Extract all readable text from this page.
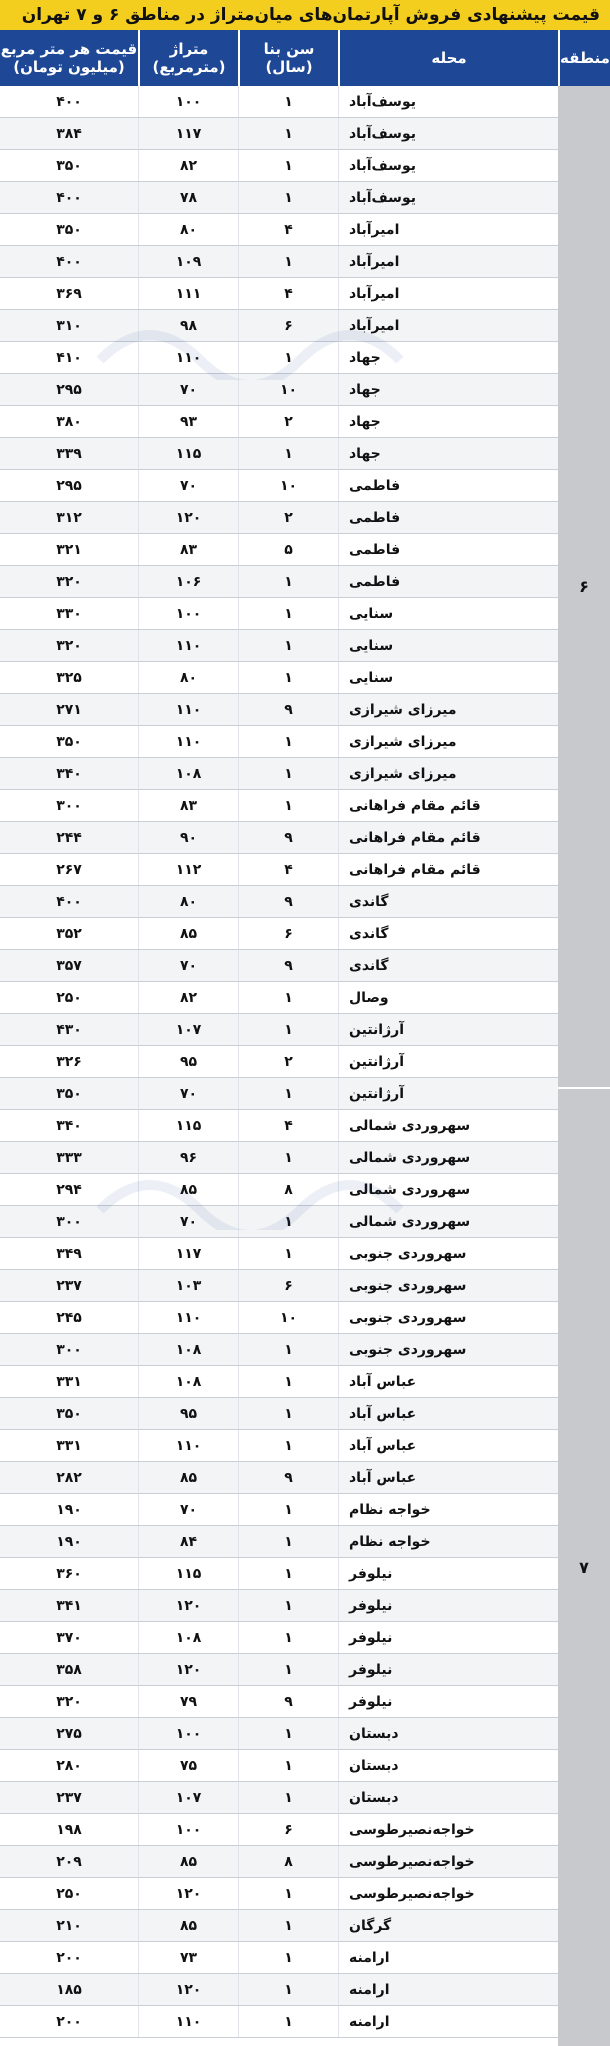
قیمت پیشنهادی فروش آپارتمان‌های میان‌متراژ در مناطق ۶ و ۷ تهران
منطقه
محله
سن بنا
(سال)
متراژ
(مترمربع)
قیمت هر متر مربع
(میلیون تومان)
۶
۷
یوسف‌آباد
۱
۱۰۰
۴۰۰
یوسف‌آباد
۱
۱۱۷
۳۸۴
یوسف‌آباد
۱
۸۲
۳۵۰
یوسف‌آباد
۱
۷۸
۴۰۰
امیرآباد
۴
۸۰
۳۵۰
امیرآباد
۱
۱۰۹
۴۰۰
امیرآباد
۴
۱۱۱
۳۶۹
امیرآباد
۶
۹۸
۳۱۰
جهاد
۱
۱۱۰
۴۱۰
جهاد
۱۰
۷۰
۲۹۵
جهاد
۲
۹۳
۳۸۰
جهاد
۱
۱۱۵
۳۳۹
فاطمی
۱۰
۷۰
۲۹۵
فاطمی
۲
۱۲۰
۳۱۲
فاطمی
۵
۸۳
۳۲۱
فاطمی
۱
۱۰۶
۳۲۰
سنایی
۱
۱۰۰
۳۳۰
سنایی
۱
۱۱۰
۳۲۰
سنایی
۱
۸۰
۳۲۵
میرزای شیرازی
۹
۱۱۰
۲۷۱
میرزای شیرازی
۱
۱۱۰
۳۵۰
میرزای شیرازی
۱
۱۰۸
۳۴۰
قائم مقام فراهانی
۱
۸۳
۳۰۰
قائم مقام فراهانی
۹
۹۰
۲۴۴
قائم مقام فراهانی
۴
۱۱۲
۲۶۷
گاندی
۹
۸۰
۴۰۰
گاندی
۶
۸۵
۳۵۲
گاندی
۹
۷۰
۳۵۷
وصال
۱
۸۲
۲۵۰
آرژانتین
۱
۱۰۷
۴۳۰
آرژانتین
۲
۹۵
۳۲۶
آرژانتین
۱
۷۰
۳۵۰
سهروردی شمالی
۴
۱۱۵
۳۴۰
سهروردی شمالی
۱
۹۶
۳۳۳
سهروردی شمالی
۸
۸۵
۲۹۴
سهروردی شمالی
۱
۷۰
۳۰۰
سهروردی جنوبی
۱
۱۱۷
۳۴۹
سهروردی جنوبی
۶
۱۰۳
۲۳۷
سهروردی جنوبی
۱۰
۱۱۰
۲۴۵
سهروردی جنوبی
۱
۱۰۸
۳۰۰
عباس آباد
۱
۱۰۸
۳۳۱
عباس آباد
۱
۹۵
۳۵۰
عباس آباد
۱
۱۱۰
۳۳۱
عباس آباد
۹
۸۵
۲۸۲
خواجه نظام
۱
۷۰
۱۹۰
خواجه نظام
۱
۸۴
۱۹۰
نیلوفر
۱
۱۱۵
۳۶۰
نیلوفر
۱
۱۲۰
۳۴۱
نیلوفر
۱
۱۰۸
۳۷۰
نیلوفر
۱
۱۲۰
۳۵۸
نیلوفر
۹
۷۹
۳۲۰
دبستان
۱
۱۰۰
۲۷۵
دبستان
۱
۷۵
۲۸۰
دبستان
۱
۱۰۷
۲۳۷
خواجه‌نصیرطوسی
۶
۱۰۰
۱۹۸
خواجه‌نصیرطوسی
۸
۸۵
۲۰۹
خواجه‌نصیرطوسی
۱
۱۲۰
۲۵۰
گرگان
۱
۸۵
۲۱۰
ارامنه
۱
۷۳
۲۰۰
ارامنه
۱
۱۲۰
۱۸۵
ارامنه
۱
۱۱۰
۲۰۰
